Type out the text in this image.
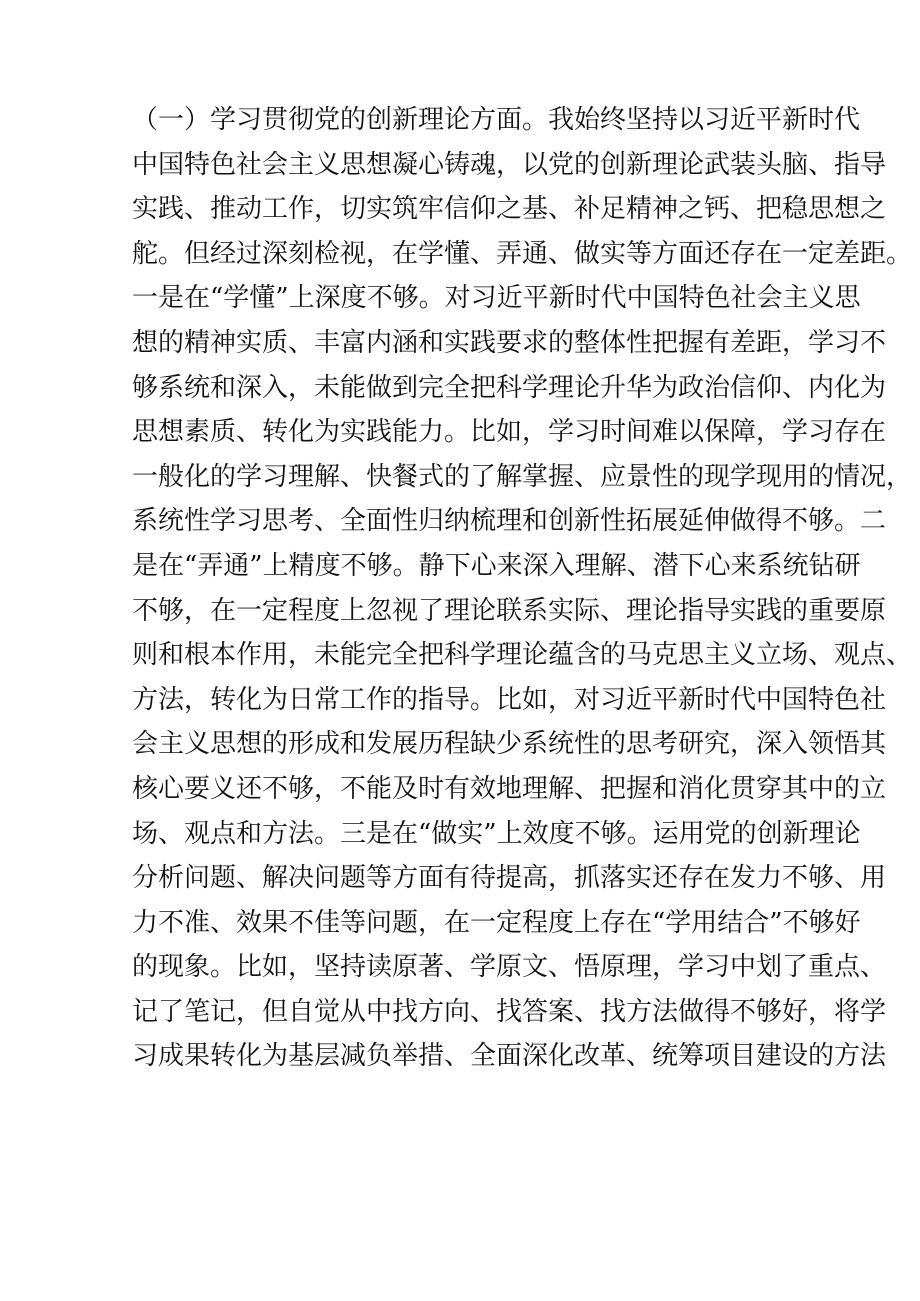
（一）学习贯彻党的创新理论方面。我始终坚持以习近平新时代
中国特色社会主义思想凝心铸魂，以党的创新理论武装头脑、指导
实践、推动工作，切实筑牢信仰之基、补足精神之钙、把稳思想之
舵。但经过深刻检视，在学懂、弄通、做实等方面还存在一定差距。
一是在“学懂”上深度不够。对习近平新时代中国特色社会主义思
想的精神实质、丰富内涵和实践要求的整体性把握有差距，学习不
够系统和深入，未能做到完全把科学理论升华为政治信仰、内化为
思想素质、转化为实践能力。比如，学习时间难以保障，学习存在
一般化的学习理解、快餐式的了解掌握、应景性的现学现用的情况，
系统性学习思考、全面性归纳梳理和创新性拓展延伸做得不够。二
是在“弄通”上精度不够。静下心来深入理解、潜下心来系统钻研
不够，在一定程度上忽视了理论联系实际、理论指导实践的重要原
则和根本作用，未能完全把科学理论蕴含的马克思主义立场、观点、
方法，转化为日常工作的指导。比如，对习近平新时代中国特色社
会主义思想的形成和发展历程缺少系统性的思考研究，深入领悟其
核心要义还不够，不能及时有效地理解、把握和消化贯穿其中的立
场、观点和方法。三是在“做实”上效度不够。运用党的创新理论
分析问题、解决问题等方面有待提高，抓落实还存在发力不够、用
力不准、效果不佳等问题，在一定程度上存在“学用结合”不够好
的现象。比如，坚持读原著、学原文、悟原理，学习中划了重点、
记了笔记，但自觉从中找方向、找答案、找方法做得不够好，将学
习成果转化为基层减负举措、全面深化改革、统筹项目建设的方法
